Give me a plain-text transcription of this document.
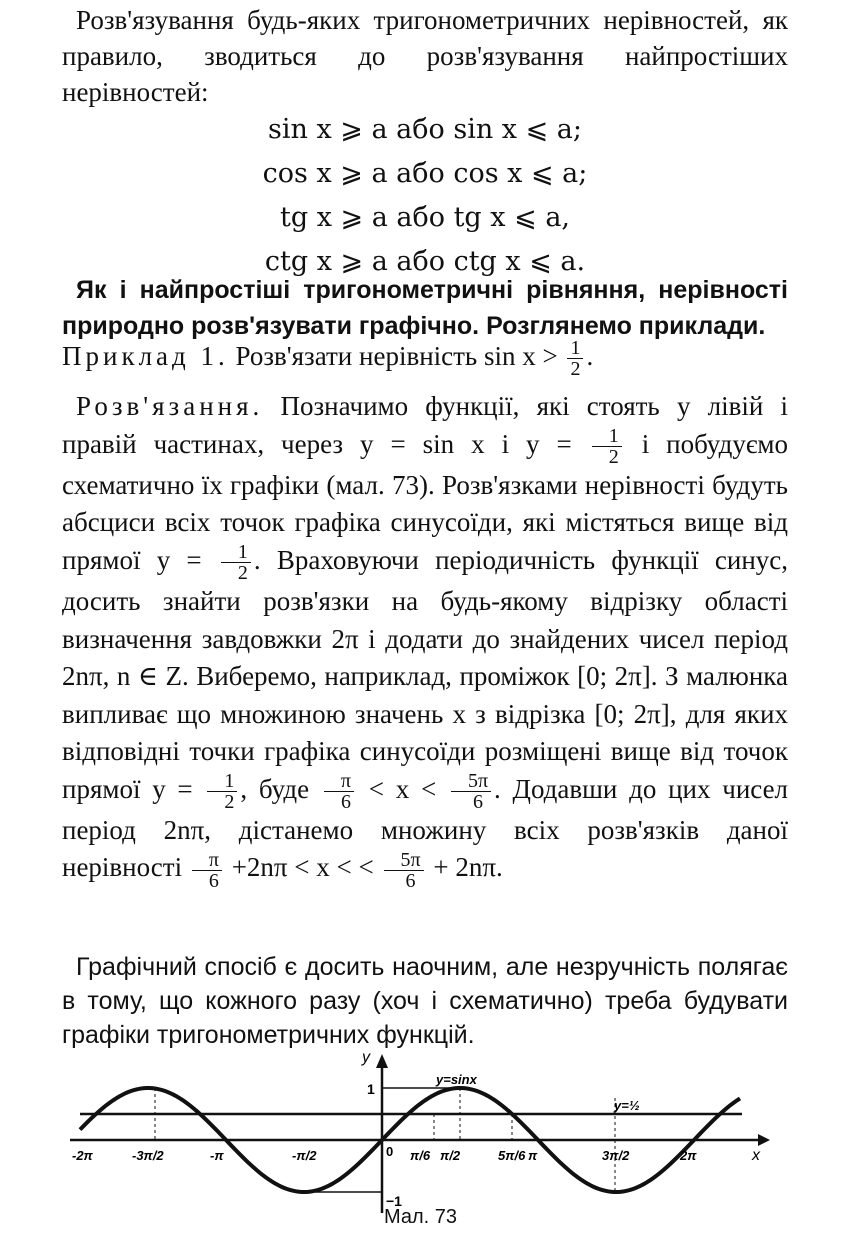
Розв'язування будь-яких тригонометричних нерівностей, як правило, зводиться до розв'язування найпростіших нерівностей:

sin x ⩾ a або sin x ⩽ a;
cos x ⩾ a або cos x ⩽ a;
tg x ⩾ a або tg x ⩽ a,
ctg x ⩾ a або ctg x ⩽ a.

Як і найпростіші тригонометричні рівняння, нерівності природно розв'язувати графічно. Розглянемо приклади.

Приклад 1. Розв'язати нерівність $\sin x > \frac{1}{2}$ .

Розв'язання. Позначимо функції, які стоять у лівій і правій частинах, через y = sin x і $y = \frac{1}{2}$ і побудуємо схематично їх графіки (мал. 73). Розв'язками нерівності будуть абсциси всіх точок графіка синусоїди, які містяться вище від прямої $y = \frac{1}{2}$ . Враховуючи періодичність функції синус, досить знайти розв'язки на будь-якому відрізку області визначення завдовжки 2π і додати до знайдених чисел період 2nπ, n ∈ Z. Виберемо, наприклад, проміжок [0; 2π]. З малюнка випливає що множиною значень x з відрізка [0; 2π], для яких відповідні точки графіка синусоїди розміщені вище від точок прямої $y = \frac{1}{2}$ , буде $\frac{\pi}{6} < x < \frac{5\pi}{6}$ . Додавши до цих чисел період 2nπ, дістанемо множину всіх розв'язків даної нерівності $\frac{\pi}{6} +2n\pi < x$ < < $\frac{5\pi}{6} + 2n\pi$.

Графічний спосіб є досить наочним, але незручність полягає в тому, що кожного разу (хоч і схематично) треба будувати графіки тригонометричних функцій.

y
x
1
−1
0
y=sinx
y=½
-2π	-3π/2	-π	-π/2	π/6 π/2	5π/6 π	3π/2	2π
Мал. 73
